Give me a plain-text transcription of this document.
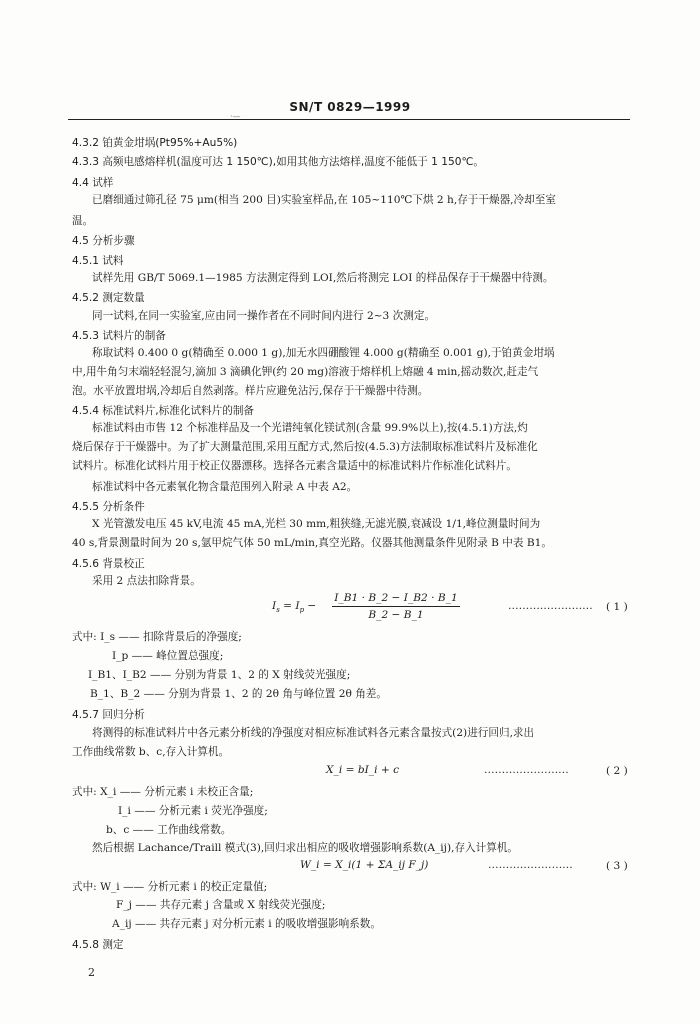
·—
SN/T 0829—1999
4.3.2 铂黄金坩埚(Pt95%+Au5%)
4.3.3 高频电感熔样机(温度可达 1 150℃),如用其他方法熔样,温度不能低于 1 150℃。
4.4 试样
已磨细通过筛孔径 75 μm(相当 200 目)实验室样品,在 105~110℃下烘 2 h,存于干燥器,冷却至室
温。
4.5 分析步骤
4.5.1 试料
试样先用 GB/T 5069.1—1985 方法测定得到 LOI,然后将测完 LOI 的样品保存于干燥器中待测。
4.5.2 测定数量
同一试料,在同一实验室,应由同一操作者在不同时间内进行 2~3 次测定。
4.5.3 试料片的制备
称取试料 0.400 0 g(精确至 0.000 1 g),加无水四硼酸锂 4.000 g(精确至 0.001 g),于铂黄金坩埚
中,用牛角匀末端轻轻混匀,滴加 3 滴碘化钾(约 20 mg)溶液于熔样机上熔融 4 min,摇动数次,赶走气
泡。水平放置坩埚,冷却后自然剥落。样片应避免沾污,保存于干燥器中待测。
4.5.4 标准试料片,标准化试料片的制备
标准试料由市售 12 个标准样品及一个光谱纯氧化镁试剂(含量 99.9%以上),按(4.5.1)方法,灼
烧后保存于干燥器中。为了扩大测量范围,采用互配方式,然后按(4.5.3)方法制取标准试料片及标准化
试料片。标准化试料片用于校正仪器漂移。选择各元素含量适中的标准试料片作标准化试料片。
标准试料中各元素氧化物含量范围列入附录 A 中表 A2。
4.5.5 分析条件
X 光管激发电压 45 kV,电流 45 mA,光栏 30 mm,粗狭缝,无滤光膜,衰减设 1/1,峰位测量时间为
40 s,背景测量时间为 20 s,氩甲烷气体 50 mL/min,真空光路。仪器其他测量条件见附录 B 中表 B1。
4.5.6 背景校正
采用 2 点法扣除背景。
$I_s = I_p$ −
I_B1 · B_2 − I_B2 · B_1
B_2 − B_1
…………………… ( 1 )
式中: I_s —— 扣除背景后的净强度;
I_p —— 峰位置总强度;
I_B1、I_B2 —— 分别为背景 1、2 的 X 射线荧光强度;
B_1、B_2 —— 分别为背景 1、2 的 2θ 角与峰位置 2θ 角差。
4.5.7 回归分析
将测得的标准试料片中各元素分析线的净强度对相应标准试料各元素含量按式(2)进行回归,求出
工作曲线常数 b、c,存入计算机。
X_i = bI_i + c	……………………	( 2 )
式中: X_i —— 分析元素 i 未校正含量;
I_i —— 分析元素 i 荧光净强度;
b、c —— 工作曲线常数。
然后根据 Lachance/Traill 模式(3),回归求出相应的吸收增强影响系数(A_ij),存入计算机。
W_i = X_i(1 + ΣA_ij F_j)	……………………	( 3 )
式中: W_i —— 分析元素 i 的校正定量值;
F_j —— 共存元素 j 含量或 X 射线荧光强度;
A_ij —— 共存元素 j 对分析元素 i 的吸收增强影响系数。
4.5.8 测定
2
